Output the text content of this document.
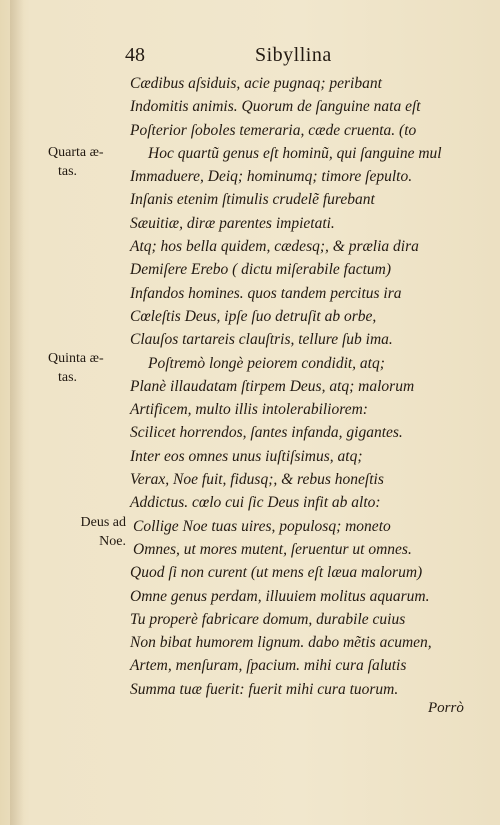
48	Sibyllina
Cædibus aſsiduis, acie pugnaq; peribant
Indomitis animis. Quorum de ſanguine nata eſt
Poſterior ſoboles temeraria, cæde cruenta. (to
Hoc quartũ genus eſt hominũ, qui ſanguine mul
Immaduere, Deiq; hominumq; timore ſepulto.
Inſanis etenim ſtimulis crudelẽ furebant
Sæuitiæ, diræ parentes impietati.
Atq; hos bella quidem, cædesq;, & prælia dira
Demiſere Erebo ( dictu miſerabile factum)
Infandos homines. quos tandem percitus ira
Cœleſtis Deus, ipſe ſuo detruſit ab orbe,
Clauſos tartareis clauſtris, tellure ſub ima.
Poſtremò longè peiorem condidit, atq;
Planè illaudatam ſtirpem Deus, atq; malorum
Artificem, multo illis intolerabiliorem:
Scilicet horrendos, ſantes infanda, gigantes.
Inter eos omnes unus iuſtiſsimus, atq;
Verax, Noe fuit, fidusq;, & rebus honeſtis
Addictus. cœlo cui ſic Deus infit ab alto:
Collige Noe tuas uires, populosq; moneto
Omnes, ut mores mutent, ſeruentur ut omnes.
Quod ſi non curent (ut mens eſt læua malorum)
Omne genus perdam, illuuiem molitus aquarum.
Tu properè fabricare domum, durabile cuius
Non bibat humorem lignum. dabo mẽtis acumen,
Artem, menſuram, ſpacium. mihi cura ſalutis
Summa tuæ fuerit: fuerit mihi cura tuorum.
Quarta æ-
tas.
Quinta æ-
tas.
Deus ad
Noe.
Porrò
